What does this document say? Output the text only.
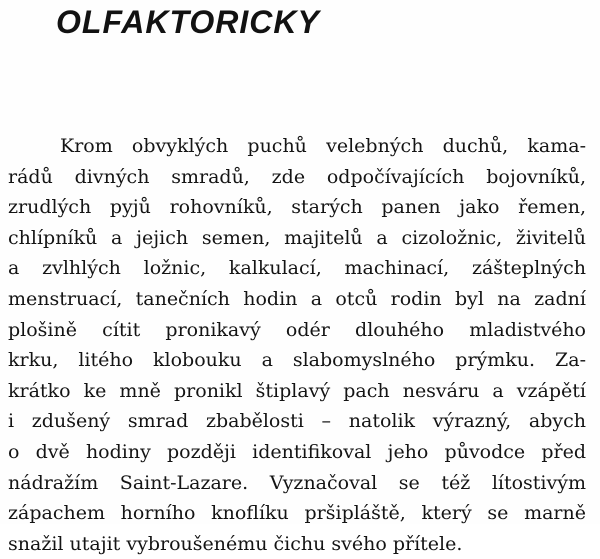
OLFAKTORICKY
Krom obvyklých puchů velebných duchů, kama-
rádů divných smradů, zde odpočívajících bojovníků,
zrudlých pyjů rohovníků, starých panen jako řemen,
chlípníků a jejich semen, majitelů a cizoložnic, živitelů
a zvlhlých ložnic, kalkulací, machinací, zášteplných
menstruací, tanečních hodin a otců rodin byl na zadní
plošině cítit pronikavý odér dlouhého mladistvého
krku, litého klobouku a slabomyslného prýmku. Za-
krátko ke mně pronikl štiplavý pach nesváru a vzápětí
i zdušený smrad zbabělosti – natolik výrazný, abych
o dvě hodiny později identifikoval jeho původce před
nádražím Saint-Lazare. Vyznačoval se též lítostivým
zápachem horního knoflíku pršipláště, který se marně
snažil utajit vybroušenému čichu svého přítele.
